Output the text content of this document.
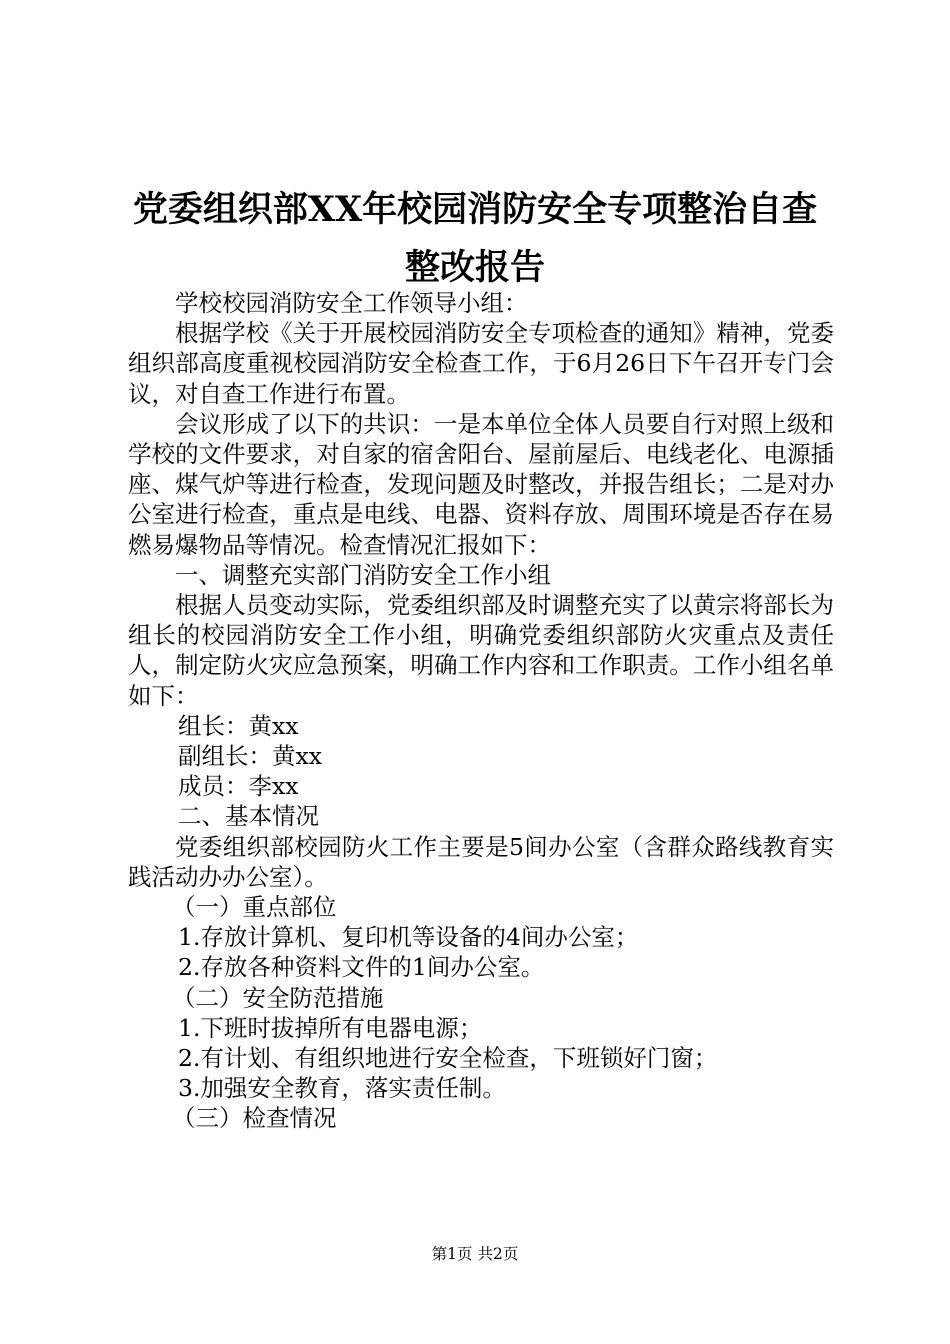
党委组织部XX年校园消防安全专项整治自查
整改报告

学校校园消防安全工作领导小组：

根据学校《关于开展校园消防安全专项检查的通知》精神，党委组织部高度重视校园消防安全检查工作，于6月26日下午召开专门会议，对自查工作进行布置。

会议形成了以下的共识：一是本单位全体人员要自行对照上级和学校的文件要求，对自家的宿舍阳台、屋前屋后、电线老化、电源插座、煤气炉等进行检查，发现问题及时整改，并报告组长；二是对办公室进行检查，重点是电线、电器、资料存放、周围环境是否存在易燃易爆物品等情况。检查情况汇报如下：

一、调整充实部门消防安全工作小组

根据人员变动实际，党委组织部及时调整充实了以黄宗将部长为组长的校园消防安全工作小组，明确党委组织部防火灾重点及责任人，制定防火灾应急预案，明确工作内容和工作职责。工作小组名单如下：

组长：黄xx

副组长：黄xx

成员：李xx

二、基本情况

党委组织部校园防火工作主要是5间办公室（含群众路线教育实践活动办办公室）。

（一）重点部位

1.存放计算机、复印机等设备的4间办公室；

2.存放各种资料文件的1间办公室。

（二）安全防范措施

1.下班时拔掉所有电器电源；

2.有计划、有组织地进行安全检查，下班锁好门窗；

3.加强安全教育，落实责任制。

（三）检查情况

第1页 共2页
